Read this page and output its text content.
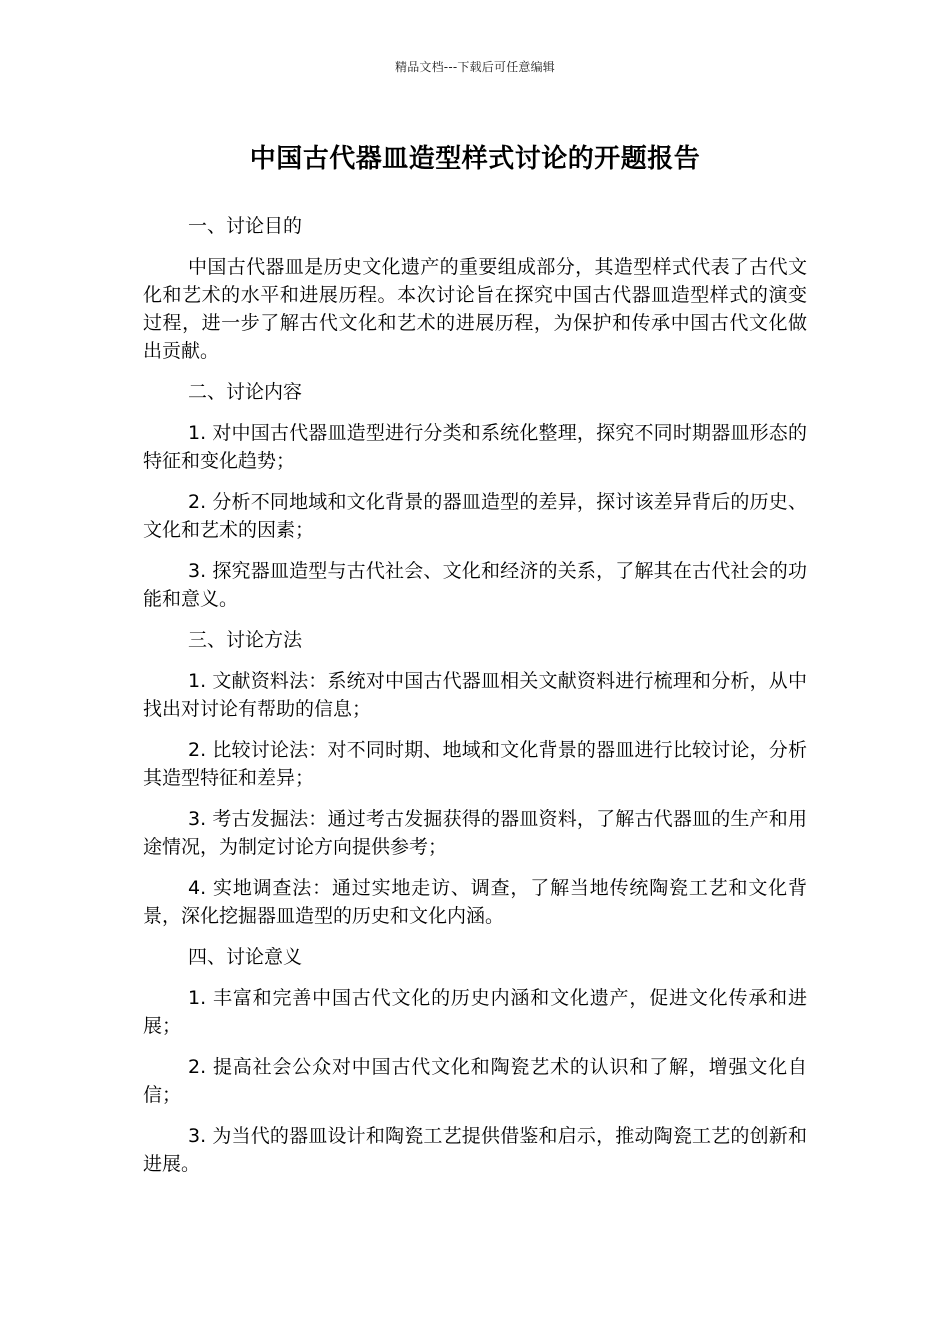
精品文档---下载后可任意编辑
中国古代器皿造型样式讨论的开题报告

一、讨论目的

中国古代器皿是历史文化遗产的重要组成部分，其造型样式代表了古代文化和艺术的水平和进展历程。本次讨论旨在探究中国古代器皿造型样式的演变过程，进一步了解古代文化和艺术的进展历程，为保护和传承中国古代文化做出贡献。

二、讨论内容

1. 对中国古代器皿造型进行分类和系统化整理，探究不同时期器皿形态的特征和变化趋势；

2. 分析不同地域和文化背景的器皿造型的差异，探讨该差异背后的历史、文化和艺术的因素；

3. 探究器皿造型与古代社会、文化和经济的关系，了解其在古代社会的功能和意义。

三、讨论方法

1. 文献资料法：系统对中国古代器皿相关文献资料进行梳理和分析，从中找出对讨论有帮助的信息；

2. 比较讨论法：对不同时期、地域和文化背景的器皿进行比较讨论，分析其造型特征和差异；

3. 考古发掘法：通过考古发掘获得的器皿资料，了解古代器皿的生产和用途情况，为制定讨论方向提供参考；

4. 实地调查法：通过实地走访、调查，了解当地传统陶瓷工艺和文化背景，深化挖掘器皿造型的历史和文化内涵。

四、讨论意义

1. 丰富和完善中国古代文化的历史内涵和文化遗产，促进文化传承和进展；

2. 提高社会公众对中国古代文化和陶瓷艺术的认识和了解，增强文化自信；

3. 为当代的器皿设计和陶瓷工艺提供借鉴和启示，推动陶瓷工艺的创新和进展。
